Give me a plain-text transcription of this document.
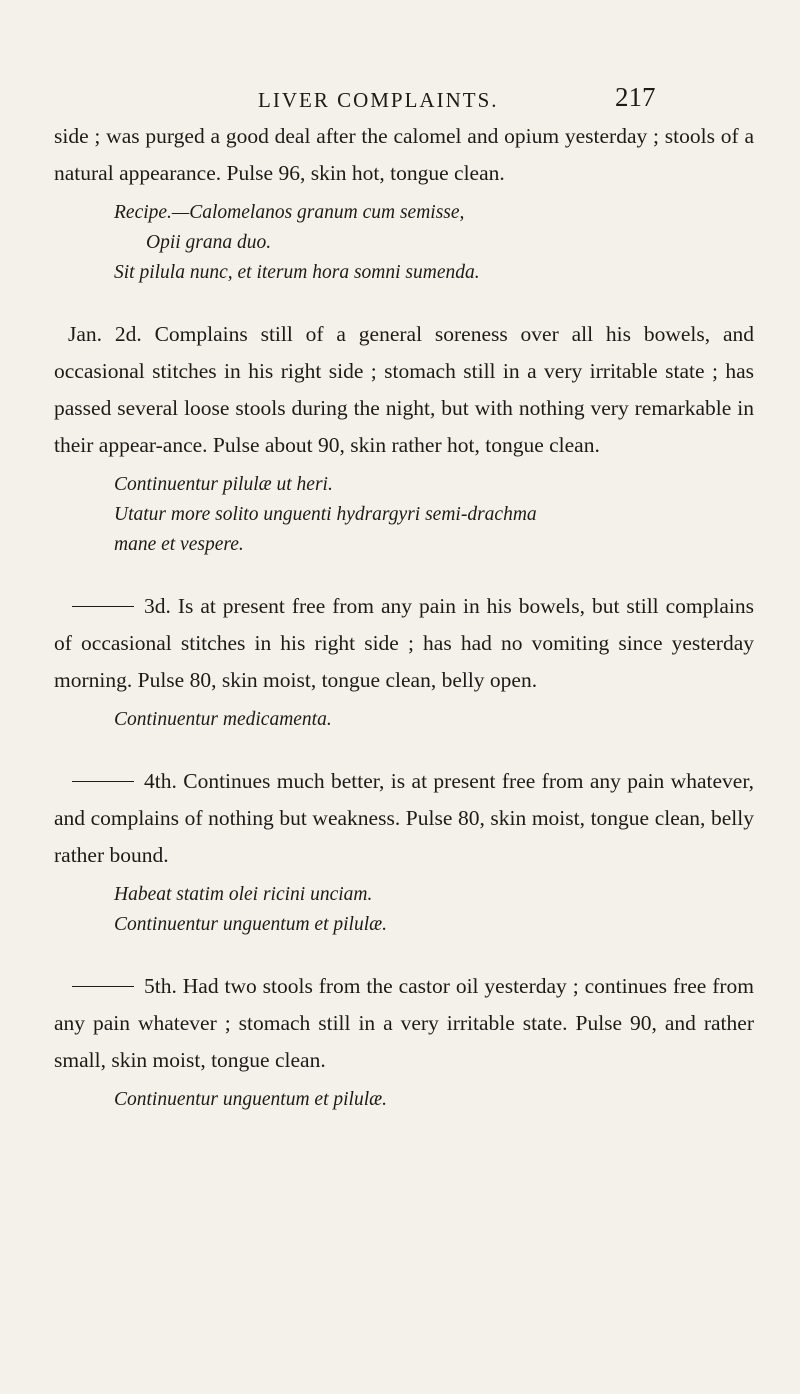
LIVER COMPLAINTS.	217

side ; was purged a good deal after the calomel and opium yesterday ; stools of a natural appearance. Pulse 96, skin hot, tongue clean.

Recipe.—Calomelanos granum cum semisse,
Opii grana duo.
Sit pilula nunc, et iterum hora somni sumenda.

Jan. 2d. Complains still of a general soreness over all his bowels, and occasional stitches in his right side ; stomach still in a very irritable state ; has passed several loose stools during the night, but with nothing very remarkable in their appear-ance. Pulse about 90, skin rather hot, tongue clean.

Continuentur pilulæ ut heri.
Utatur more solito unguenti hydrargyri semi-drachma
mane et vespere.

3d. Is at present free from any pain in his bowels, but still complains of occasional stitches in his right side ; has had no vomiting since yesterday morning. Pulse 80, skin moist, tongue clean, belly open.

Continuentur medicamenta.

4th. Continues much better, is at present free from any pain whatever, and complains of nothing but weakness. Pulse 80, skin moist, tongue clean, belly rather bound.

Habeat statim olei ricini unciam.
Continuentur unguentum et pilulæ.

5th. Had two stools from the castor oil yesterday ; continues free from any pain whatever ; stomach still in a very irritable state. Pulse 90, and rather small, skin moist, tongue clean.

Continuentur unguentum et pilulæ.
